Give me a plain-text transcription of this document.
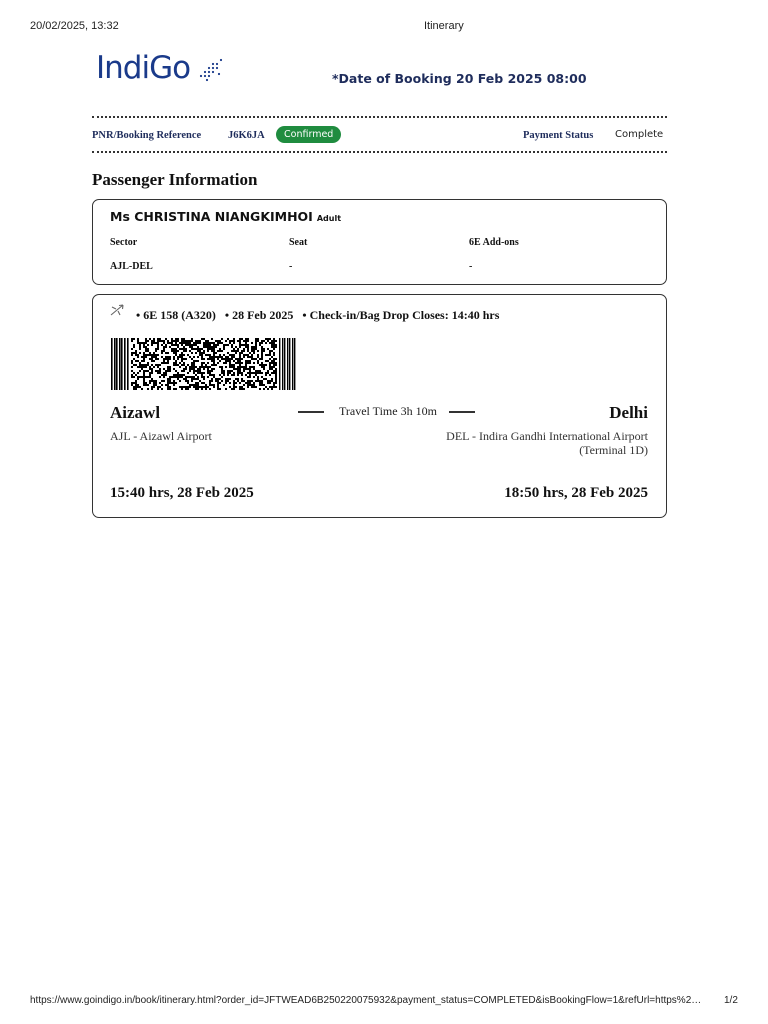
20/02/2025, 13:32	Itinerary
IndiGo	*Date of Booking 20 Feb 2025 08:00
PNR/Booking Reference	J6K6JA	Confirmed	Payment Status Complete
Passenger Information
Ms CHRISTINA NIANGKIMHOI Adult
Sector	Seat	6E Add-ons
AJL-DEL	-	-
• 6E 158 (A320) • 28 Feb 2025 • Check-in/Bag Drop Closes: 14:40 hrs
Aizawl	Delhi
Travel Time 3h 10m
AJL - Aizawl Airport	DEL - Indira Gandhi International Airport
(Terminal 1D)
15:40 hrs, 28 Feb 2025	18:50 hrs, 28 Feb 2025
https://www.goindigo.in/book/itinerary.html?order_id=JFTWEAD6B250220075932&payment_status=COMPLETED&isBookingFlow=1&refUrl=https%2…	1/2
